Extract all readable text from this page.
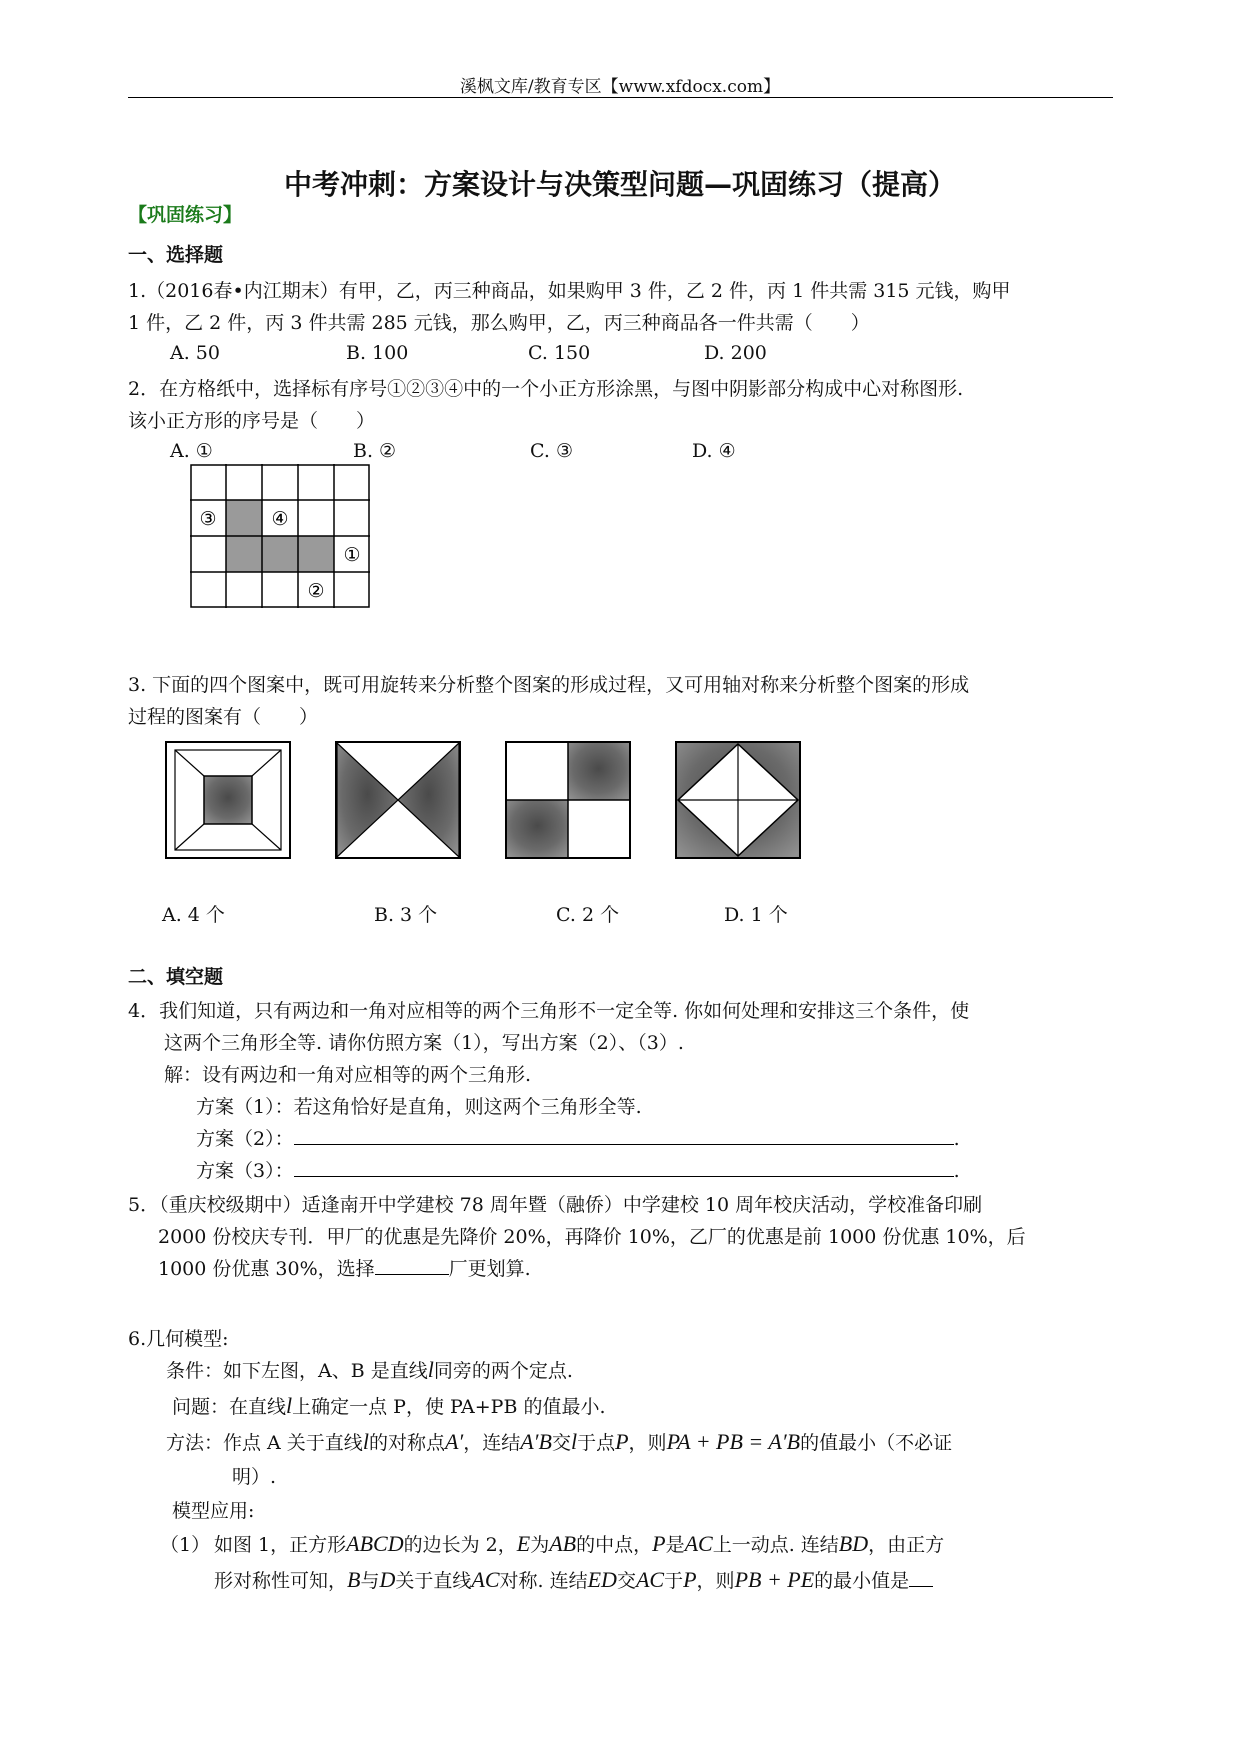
溪枫文库/教育专区【www.xfdocx.com】
中考冲刺：方案设计与决策型问题—巩固练习（提高）
【巩固练习】
一、选择题
1.（2016春•内江期末）有甲，乙，丙三种商品，如果购甲 3 件，乙 2 件，丙 1 件共需 315 元钱，购甲
1 件，乙 2 件，丙 3 件共需 285 元钱，那么购甲，乙，丙三种商品各一件共需（　　）
A. 50	B. 100	C. 150	D. 200
2．在方格纸中，选择标有序号①②③④中的一个小正方形涂黑，与图中阴影部分构成中心对称图形.
该小正方形的序号是（　　）
A. ①	B. ②	C. ③	D. ④
③	④
①
②
3. 下面的四个图案中，既可用旋转来分析整个图案的形成过程，又可用轴对称来分析整个图案的形成
过程的图案有（　　）
A. 4 个	B. 3 个	C. 2 个	D. 1 个
二、填空题
4．我们知道，只有两边和一角对应相等的两个三角形不一定全等. 你如何处理和安排这三个条件，使
这两个三角形全等. 请你仿照方案（1），写出方案（2）、（3）.
解：设有两边和一角对应相等的两个三角形.
方案（1）：若这角恰好是直角，则这两个三角形全等.
方案（2）：	.
方案（3）：	.
5．（重庆校级期中）适逢南开中学建校 78 周年暨（融侨）中学建校 10 周年校庆活动，学校准备印刷
2000 份校庆专刊．甲厂的优惠是先降价 20%，再降价 10%，乙厂的优惠是前 1000 份优惠 10%，后
1000 份优惠 30%，选择	厂更划算.
6.几何模型:
条件：如下左图，A、B 是直线l同旁的两个定点.
问题：在直线l上确定一点 P，使 PA+PB 的值最小.
方法：作点 A 关于直线l的对称点A′，连结A′B交l于点P，则PA + PB = A′B的值最小（不必证
明）.
模型应用:
（1） 如图 1，正方形ABCD的边长为 2，E为AB的中点，P是AC上一动点. 连结BD，由正方
形对称性可知，B与D关于直线AC对称. 连结ED交AC于P，则PB + PE的最小值是
